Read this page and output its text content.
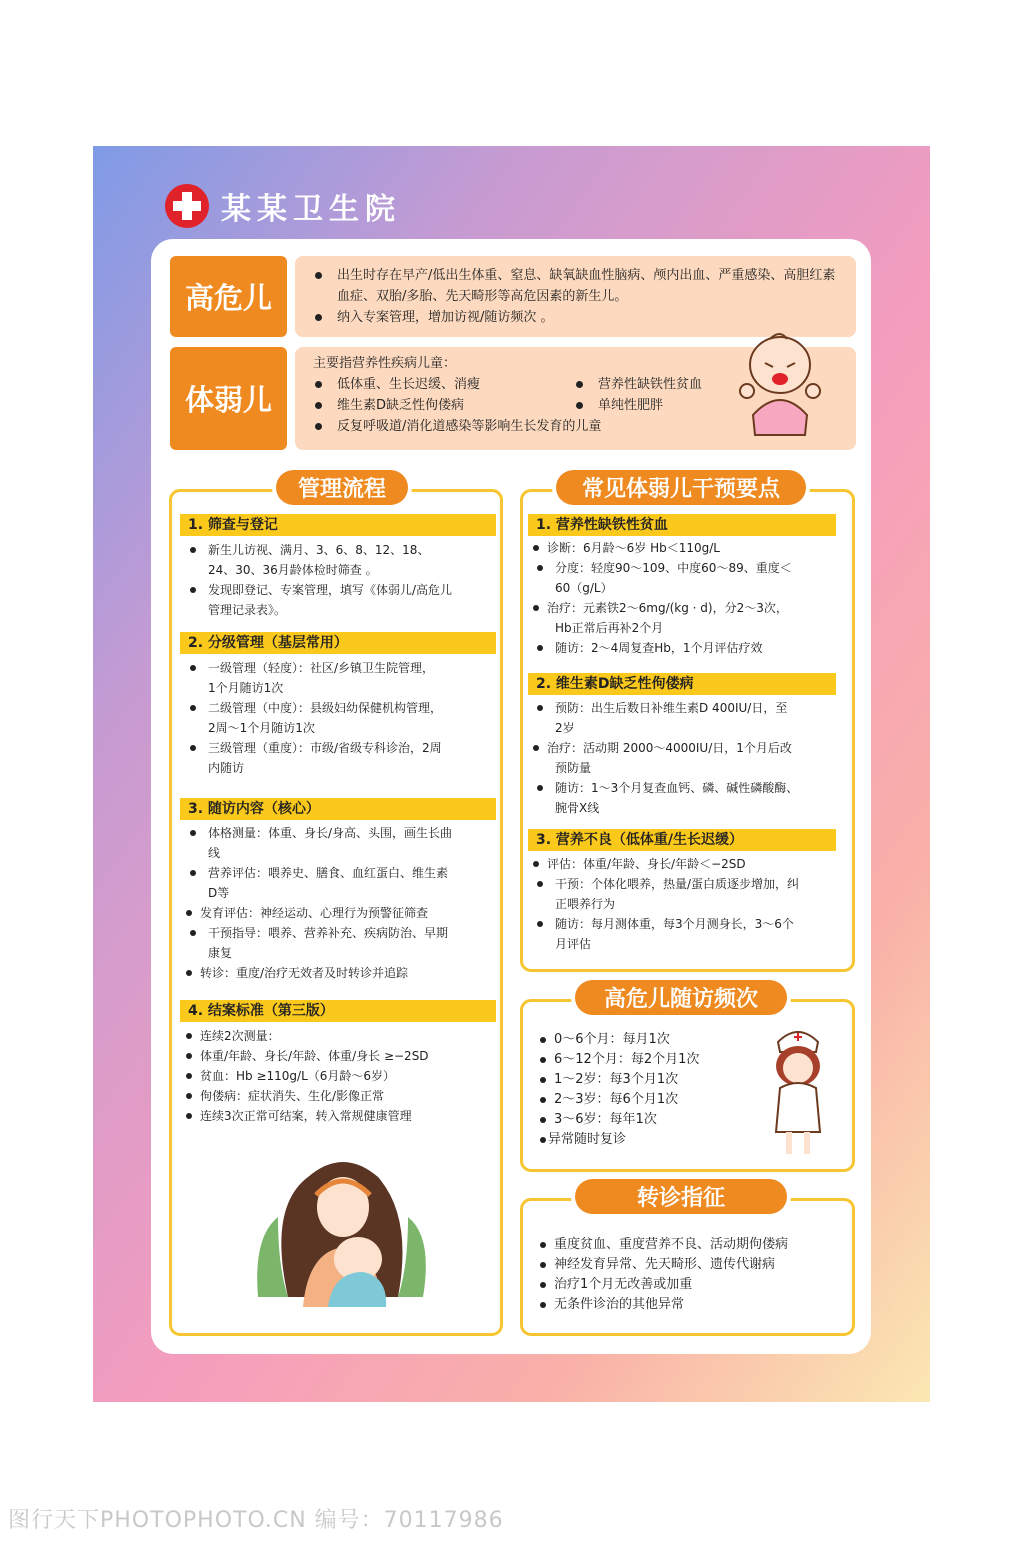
某某卫生院
高危儿
出生时存在早产/低出生体重、窒息、缺氧缺血性脑病、颅内出血、严重感染、高胆红素血症、双胎/多胎、先天畸形等高危因素的新生儿。
纳入专案管理，增加访视/随访频次 。
体弱儿
主要指营养性疾病儿童：
低体重、生长迟缓、消瘦	营养性缺铁性贫血
维生素D缺乏性佝偻病	单纯性肥胖
反复呼吸道/消化道感染等影响生长发育的儿童
管理流程
1. 筛查与登记
新生儿访视、满月、3、6、8、12、18、
24、30、36月龄体检时筛查 。
发现即登记、专案管理，填写《体弱儿/高危儿
管理记录表》。
2. 分级管理（基层常用）
一级管理（轻度）：社区/乡镇卫生院管理，
1个月随访1次
二级管理（中度）：县级妇幼保健机构管理，
2周～1个月随访1次
三级管理（重度）：市级/省级专科诊治，2周
内随访
3. 随访内容（核心）
体格测量：体重、身长/身高、头围，画生长曲
线
营养评估：喂养史、膳食、血红蛋白、维生素
D等
发育评估：神经运动、心理行为预警征筛查
干预指导：喂养、营养补充、疾病防治、早期
康复
转诊：重度/治疗无效者及时转诊并追踪
4. 结案标准（第三版）
连续2次测量：
体重/年龄、身长/年龄、体重/身长 ≥−2SD
贫血：Hb ≥110g/L（6月龄～6岁）
佝偻病：症状消失、生化/影像正常
连续3次正常可结案，转入常规健康管理
常见体弱儿干预要点
1. 营养性缺铁性贫血
诊断：6月龄～6岁 Hb＜110g/L
分度：轻度90～109、中度60～89、重度＜
60（g/L）
治疗：元素铁2～6mg/(kg · d)，分2～3次，
Hb正常后再补2个月
随访：2～4周复查Hb，1个月评估疗效
2. 维生素D缺乏性佝偻病
预防：出生后数日补维生素D 400IU/日，至
2岁
治疗：活动期 2000～4000IU/日，1个月后改
预防量
随访：1～3个月复查血钙、磷、碱性磷酸酶、
腕骨X线
3. 营养不良（低体重/生长迟缓）
评估：体重/年龄、身长/年龄＜−2SD
干预：个体化喂养，热量/蛋白质逐步增加，纠
正喂养行为
随访：每月测体重，每3个月测身长，3～6个
月评估
高危儿随访频次
0～6个月：每月1次
6～12个月：每2个月1次
1～2岁：每3个月1次
2～3岁：每6个月1次
3～6岁：每年1次
异常随时复诊
转诊指征
重度贫血、重度营养不良、活动期佝偻病
神经发育异常、先天畸形、遗传代谢病
治疗1个月无改善或加重
无条件诊治的其他异常
图行天下PHOTOPHOTO.CN 编号：70117986
